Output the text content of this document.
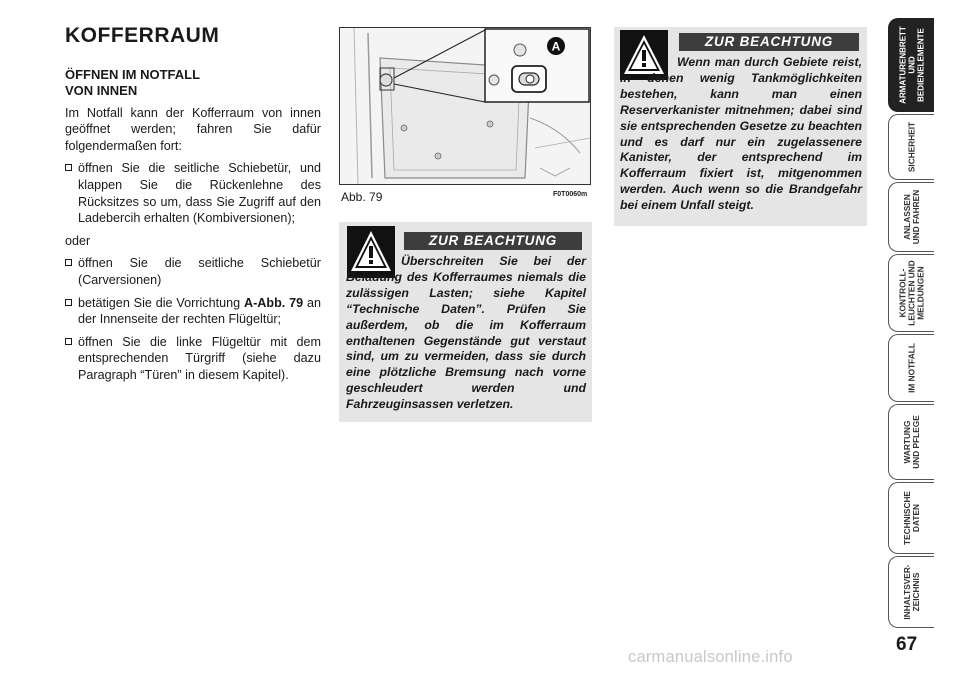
KOFFERRAUM
ÖFFNEN IM NOTFALL
VON INNEN
Im Notfall kann der Kofferraum von innen geöffnet werden; fahren Sie dafür folgendermaßen fort:
öffnen Sie die seitliche Schiebetür, und klappen Sie die Rückenlehne des Rücksitzes so um, dass Sie Zugriff auf den Ladebercih erhalten (Kombiversionen);
oder
öffnen Sie die seitliche Schiebetür (Carversionen)
betätigen Sie die Vorrichtung A-Abb. 79 an der Innenseite der rechten Flügeltür;
öffnen Sie die linke Flügeltür mit dem entsprechenden Türgriff (siehe dazu Paragraph “Türen” in diesem Kapitel).
A
Abb. 79	F0T0060m
ZUR BEACHTUNG
Überschreiten Sie bei der Beladung des Kofferraumes niemals die zulässigen Lasten; siehe Kapitel “Technische Daten”. Prüfen Sie außerdem, ob die im Kofferraum enthaltenen Gegenstände gut verstaut sind, um zu vermeiden, dass sie durch eine plötzliche Bremsung nach vorne geschleudert werden und Fahrzeuginsassen verletzen.
ZUR BEACHTUNG
Wenn man durch Gebiete reist, in denen wenig Tankmöglichkeiten bestehen, kann man einen Reserverkanister mitnehmen; dabei sind sie entsprechenden Gesetze zu beachten und es darf nur ein zugelassenere Kanister, der entsprechend im Kofferraum fixiert ist, mitgenommen werden. Auch wenn so die Brandgefahr bei einem Unfall steigt.
ARMATURENBRETT UND BEDIENELEMENTE
SICHERHEIT
ANLASSEN UND FAHREN
KONTROLL- LEUCHTEN UND MELDUNGEN
IM NOTFALL
WARTUNG UND PFLEGE
TECHNISCHE DATEN
INHALTSVER- ZEICHNIS
67
carmanualsonline.info
